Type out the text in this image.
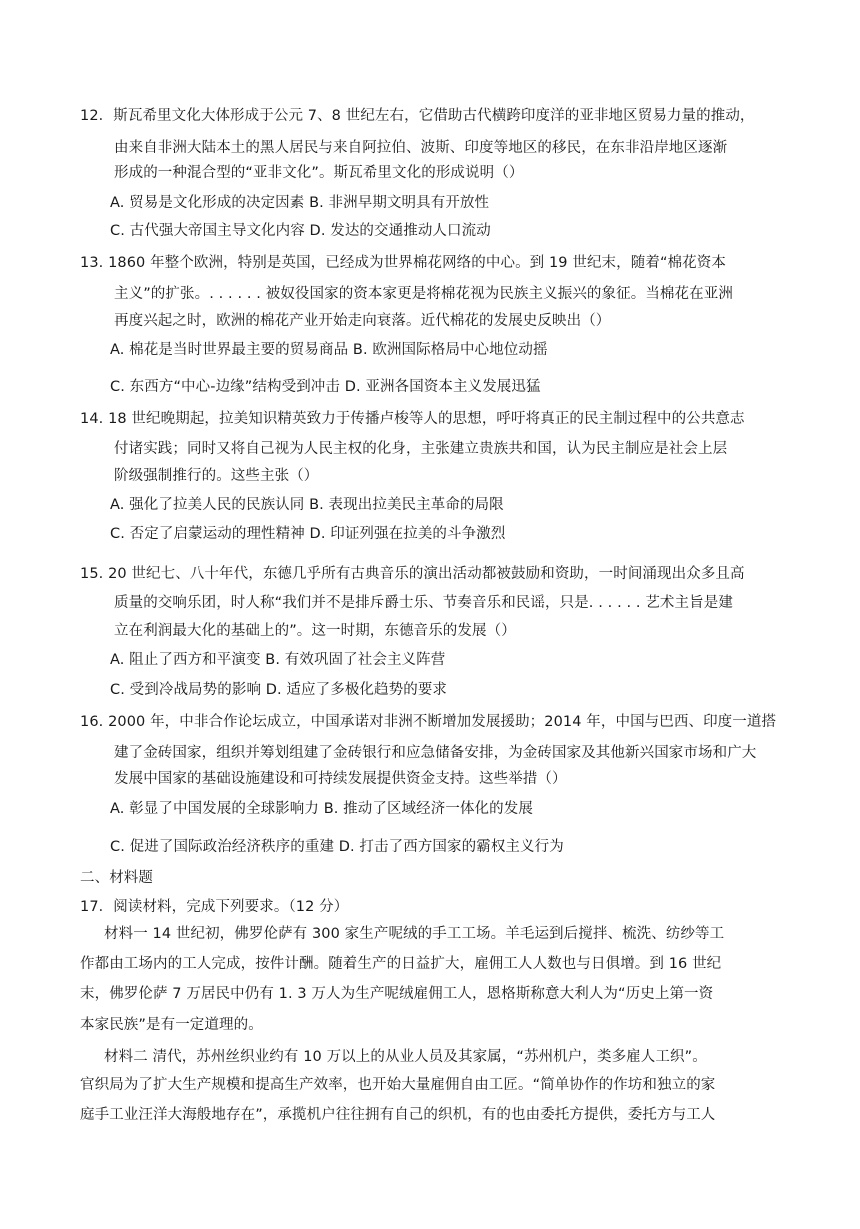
12．斯瓦希里文化大体形成于公元 7、8 世纪左右，它借助古代横跨印度洋的亚非地区贸易力量的推动，
由来自非洲大陆本土的黑人居民与来自阿拉伯、波斯、印度等地区的移民，在东非沿岸地区逐渐
形成的一种混合型的“亚非文化”。斯瓦希里文化的形成说明（）
A. 贸易是文化形成的决定因素 B. 非洲早期文明具有开放性
C. 古代强大帝国主导文化内容 D. 发达的交通推动人口流动
13. 1860 年整个欧洲，特别是英国，已经成为世界棉花网络的中心。到 19 世纪末，随着“棉花资本
主义”的扩张。. . . . . . 被奴役国家的资本家更是将棉花视为民族主义振兴的象征。当棉花在亚洲
再度兴起之时，欧洲的棉花产业开始走向衰落。近代棉花的发展史反映出（）
A. 棉花是当时世界最主要的贸易商品 B. 欧洲国际格局中心地位动摇
C. 东西方“中心-边缘”结构受到冲击 D. 亚洲各国资本主义发展迅猛
14. 18 世纪晚期起，拉美知识精英致力于传播卢梭等人的思想，呼吁将真正的民主制过程中的公共意志
付诸实践；同时又将自己视为人民主权的化身，主张建立贵族共和国，认为民主制应是社会上层
阶级强制推行的。这些主张（）
A. 强化了拉美人民的民族认同 B. 表现出拉美民主革命的局限
C. 否定了启蒙运动的理性精神 D. 印证列强在拉美的斗争激烈
15. 20 世纪七、八十年代，东德几乎所有古典音乐的演出活动都被鼓励和资助，一时间涌现出众多且高
质量的交响乐团，时人称“我们并不是排斥爵士乐、节奏音乐和民谣，只是. . . . . . 艺术主旨是建
立在利润最大化的基础上的”。这一时期，东德音乐的发展（）
A. 阻止了西方和平演变 B. 有效巩固了社会主义阵营
C. 受到冷战局势的影响 D. 适应了多极化趋势的要求
16. 2000 年，中非合作论坛成立，中国承诺对非洲不断增加发展援助；2014 年，中国与巴西、印度一道搭
建了金砖国家，组织并筹划组建了金砖银行和应急储备安排，为金砖国家及其他新兴国家市场和广大
发展中国家的基础设施建设和可持续发展提供资金支持。这些举措（）
A. 彰显了中国发展的全球影响力 B. 推动了区域经济一体化的发展
C. 促进了国际政治经济秩序的重建 D. 打击了西方国家的霸权主义行为
二、材料题
17．阅读材料，完成下列要求。（12 分）
材料一 14 世纪初，佛罗伦萨有 300 家生产呢绒的手工工场。羊毛运到后搅拌、梳洗、纺纱等工
作都由工场内的工人完成，按件计酬。随着生产的日益扩大，雇佣工人人数也与日俱增。到 16 世纪
末，佛罗伦萨 7 万居民中仍有 1. 3 万人为生产呢绒雇佣工人，恩格斯称意大利人为“历史上第一资
本家民族”是有一定道理的。
材料二 清代，苏州丝织业约有 10 万以上的从业人员及其家属，“苏州机户，类多雇人工织”。
官织局为了扩大生产规模和提高生产效率，也开始大量雇佣自由工匠。“简单协作的作坊和独立的家
庭手工业汪洋大海般地存在”，承揽机户往往拥有自己的织机，有的也由委托方提供，委托方与工人
